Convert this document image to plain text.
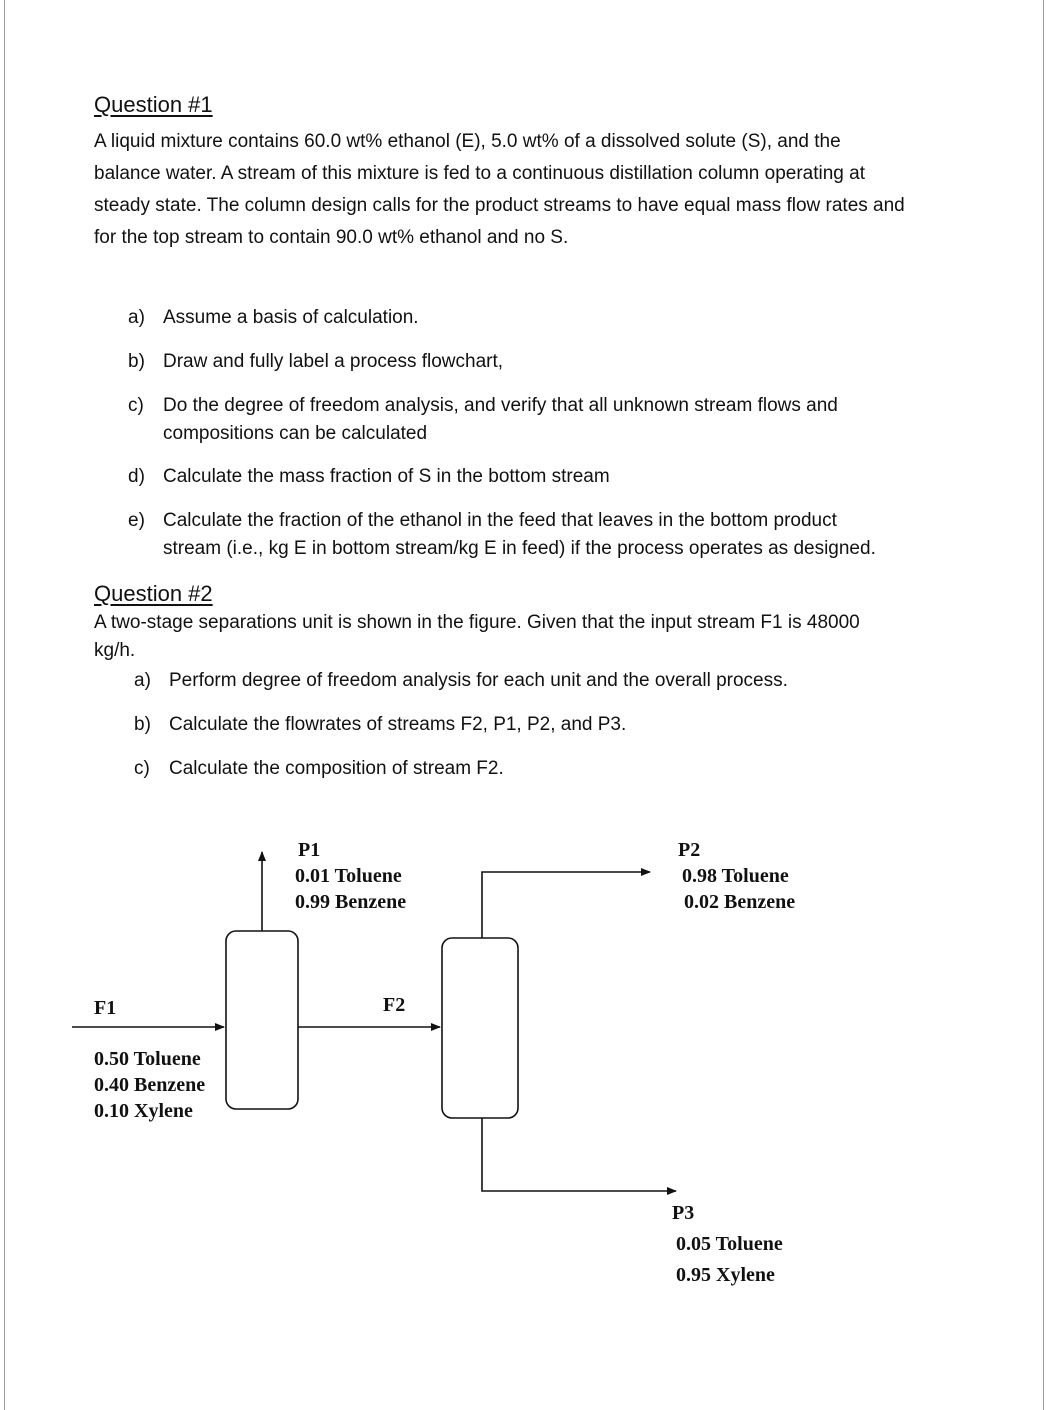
Question #1

A liquid mixture contains 60.0 wt% ethanol (E), 5.0 wt% of a dissolved solute (S), and the

balance water. A stream of this mixture is fed to a continuous distillation column operating at

steady state. The column design calls for the product streams to have equal mass flow rates and

for the top stream to contain 90.0 wt% ethanol and no S.

a) Assume a basis of calculation.
b) Draw and fully label a process flowchart,
c) Do the degree of freedom analysis, and verify that all unknown stream flows and
compositions can be calculated
d) Calculate the mass fraction of S in the bottom stream
e) Calculate the fraction of the ethanol in the feed that leaves in the bottom product
stream (i.e., kg E in bottom stream/kg E in feed) if the process operates as designed.
Question #2

A two-stage separations unit is shown in the figure. Given that the input stream F1 is 48000

kg/h.

a) Perform degree of freedom analysis for each unit and the overall process.
b) Calculate the flowrates of streams F2, P1, P2, and P3.
c) Calculate the composition of stream F2.
F1
0.50 Toluene
0.40 Benzene
0.10 Xylene
F2
P1
0.01 Toluene
0.99 Benzene
P2
0.98 Toluene
0.02 Benzene
P3
0.05 Toluene
0.95 Xylene
